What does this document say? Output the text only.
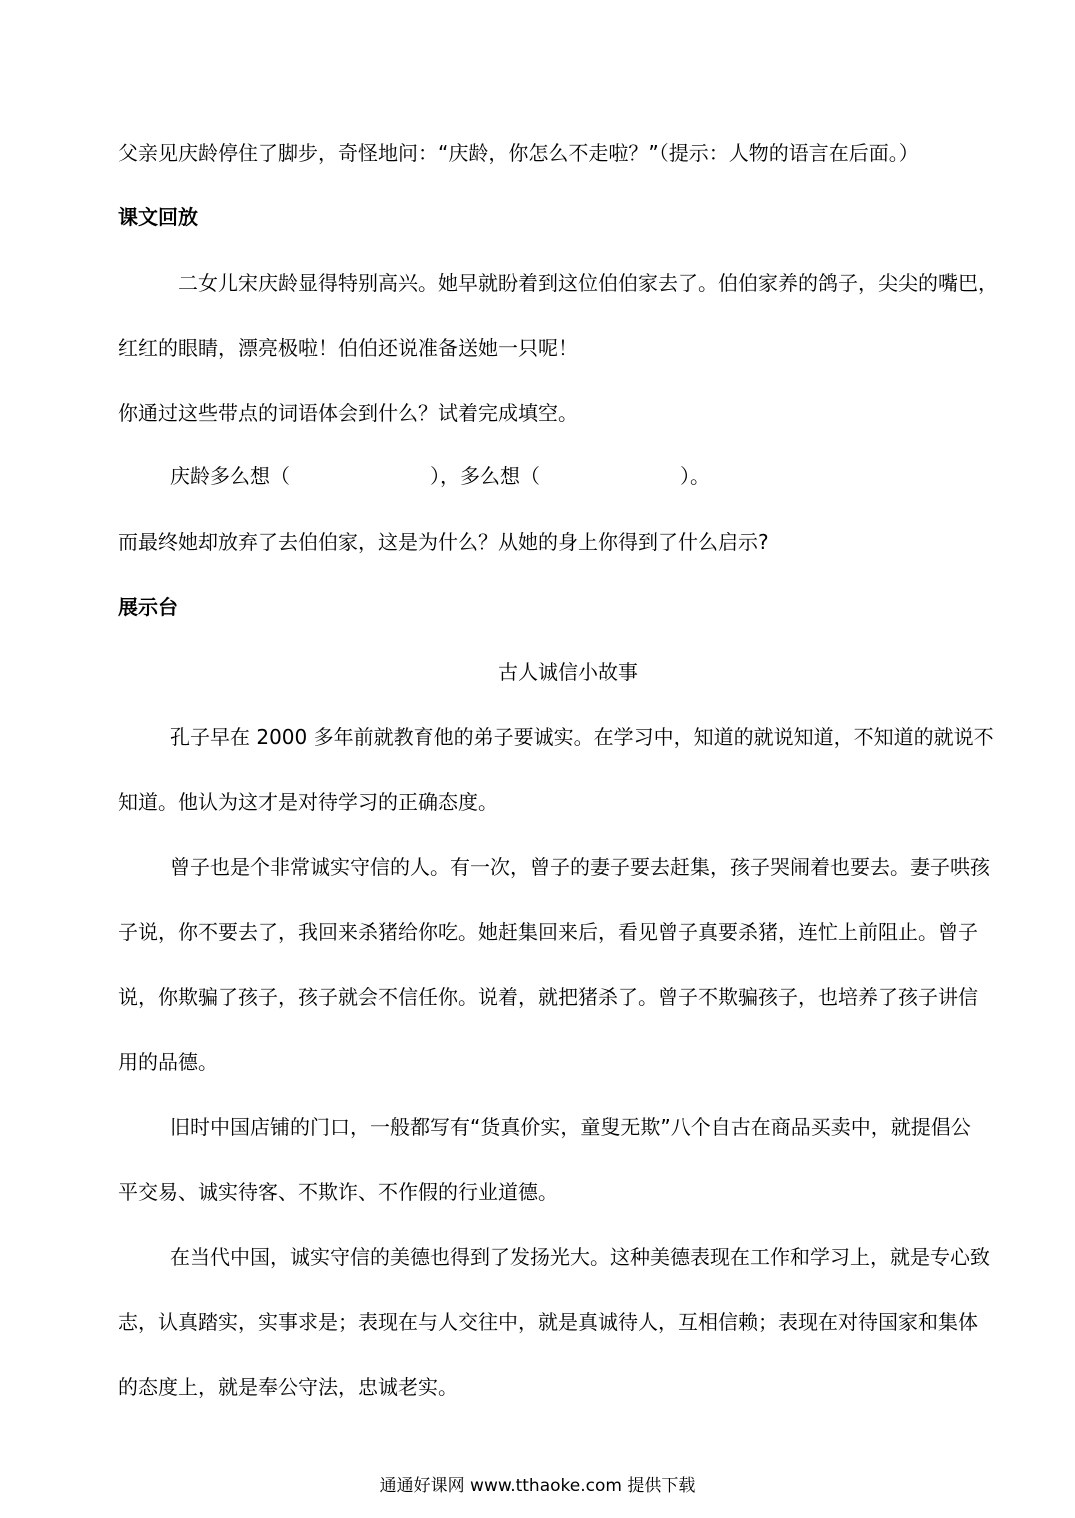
父亲见庆龄停住了脚步，奇怪地问：“庆龄，你怎么不走啦？”（提示：人物的语言在后面。）
课文回放
二女儿宋庆龄显得特别高兴。她早就盼着到这位伯伯家去了。伯伯家养的鸽子，尖尖的嘴巴，
红红的眼睛，漂亮极啦！伯伯还说准备送她一只呢！
你通过这些带点的词语体会到什么？试着完成填空。
庆龄多么想（	），多么想（	）。
而最终她却放弃了去伯伯家，这是为什么？从她的身上你得到了什么启示?
展示台
古人诚信小故事
孔子早在 2000 多年前就教育他的弟子要诚实。在学习中，知道的就说知道，不知道的就说不
知道。他认为这才是对待学习的正确态度。
曾子也是个非常诚实守信的人。有一次，曾子的妻子要去赶集，孩子哭闹着也要去。妻子哄孩
子说，你不要去了，我回来杀猪给你吃。她赶集回来后，看见曾子真要杀猪，连忙上前阻止。曾子
说，你欺骗了孩子，孩子就会不信任你。说着，就把猪杀了。曾子不欺骗孩子，也培养了孩子讲信
用的品德。
旧时中国店铺的门口，一般都写有“货真价实，童叟无欺”八个自古在商品买卖中，就提倡公
平交易、诚实待客、不欺诈、不作假的行业道德。
在当代中国，诚实守信的美德也得到了发扬光大。这种美德表现在工作和学习上，就是专心致
志，认真踏实，实事求是；表现在与人交往中，就是真诚待人，互相信赖；表现在对待国家和集体
的态度上，就是奉公守法，忠诚老实。
通通好课网 www.tthaoke.com 提供下载
